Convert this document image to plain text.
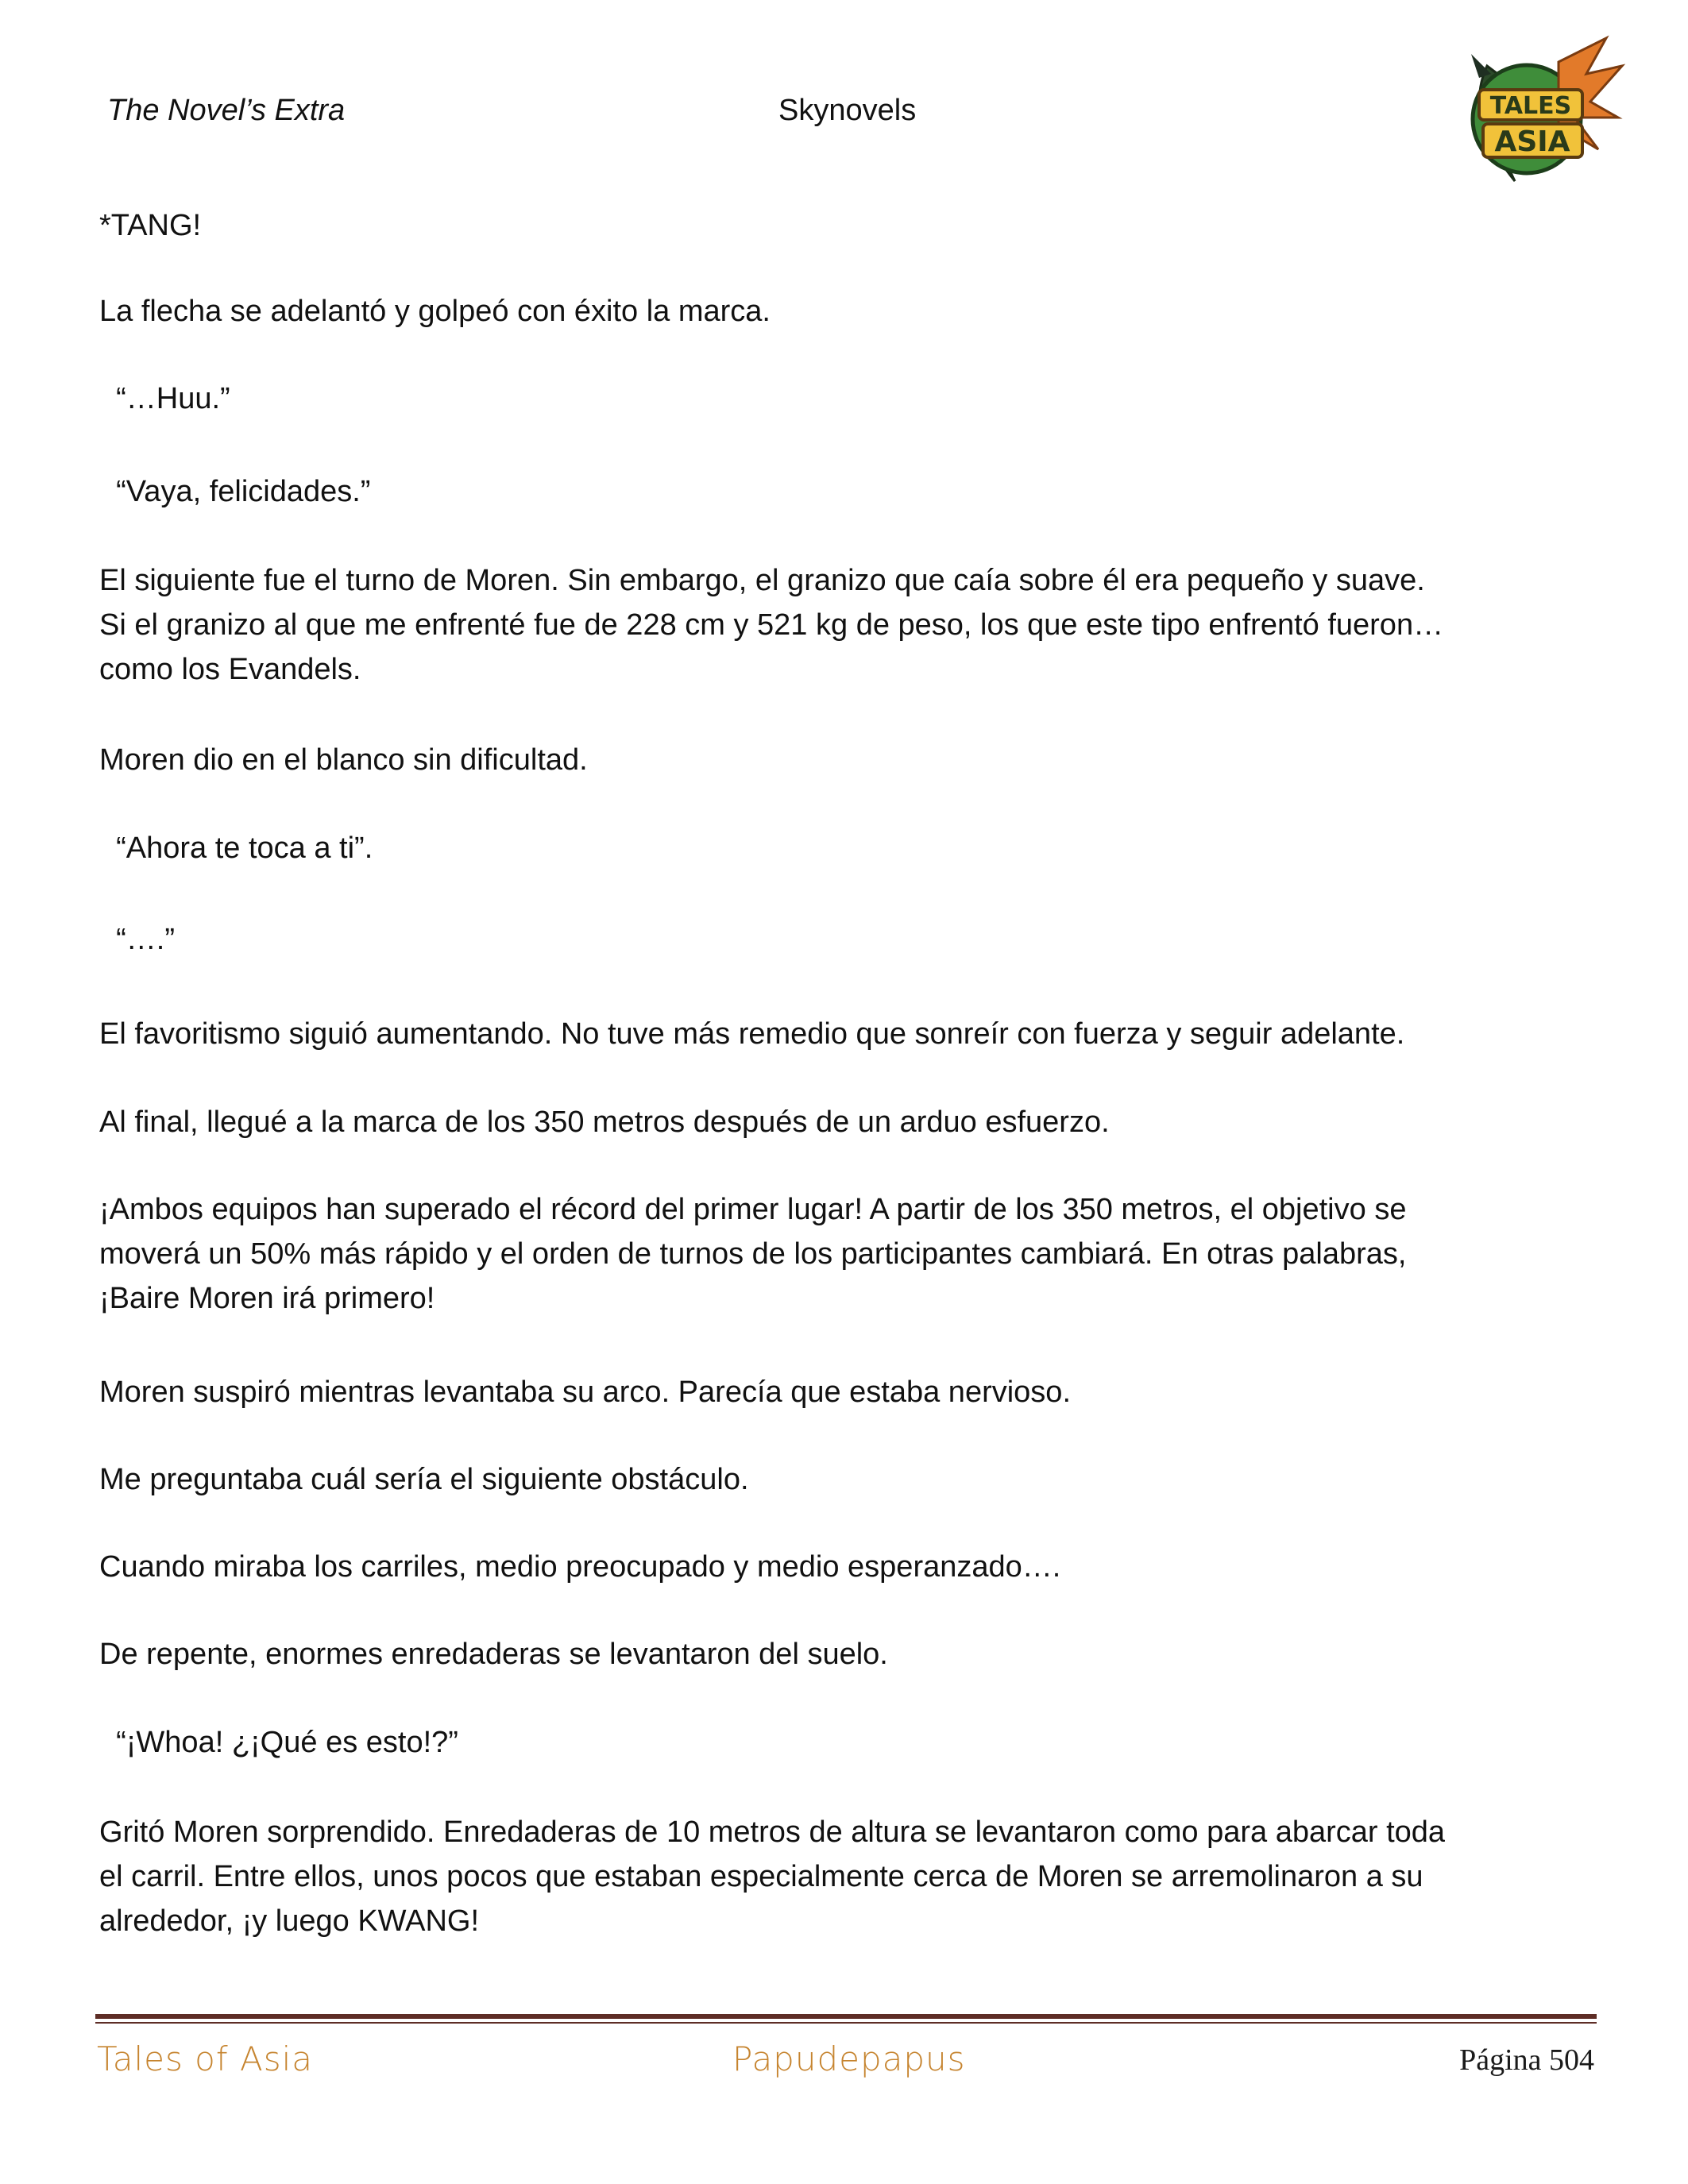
The Novel’s Extra	Skynovels	TALES
ASIA

*TANG!

La flecha se adelantó y golpeó con éxito la marca.

“…Huu.”

“Vaya, felicidades.”

El siguiente fue el turno de Moren. Sin embargo, el granizo que caía sobre él era pequeño y suave.
Si el granizo al que me enfrenté fue de 228 cm y 521 kg de peso, los que este tipo enfrentó fueron…
como los Evandels.

Moren dio en el blanco sin dificultad.

“Ahora te toca a ti”.

“….”

El favoritismo siguió aumentando. No tuve más remedio que sonreír con fuerza y seguir adelante.

Al final, llegué a la marca de los 350 metros después de un arduo esfuerzo.

¡Ambos equipos han superado el récord del primer lugar! A partir de los 350 metros, el objetivo se
moverá un 50% más rápido y el orden de turnos de los participantes cambiará. En otras palabras,
¡Baire Moren irá primero!

Moren suspiró mientras levantaba su arco. Parecía que estaba nervioso.

Me preguntaba cuál sería el siguiente obstáculo.

Cuando miraba los carriles, medio preocupado y medio esperanzado….

De repente, enormes enredaderas se levantaron del suelo.

“¡Whoa! ¿¡Qué es esto!?”

Gritó Moren sorprendido. Enredaderas de 10 metros de altura se levantaron como para abarcar toda
el carril. Entre ellos, unos pocos que estaban especialmente cerca de Moren se arremolinaron a su
alrededor, ¡y luego KWANG!

Tales of Asia	Papudepapus	Página 504
